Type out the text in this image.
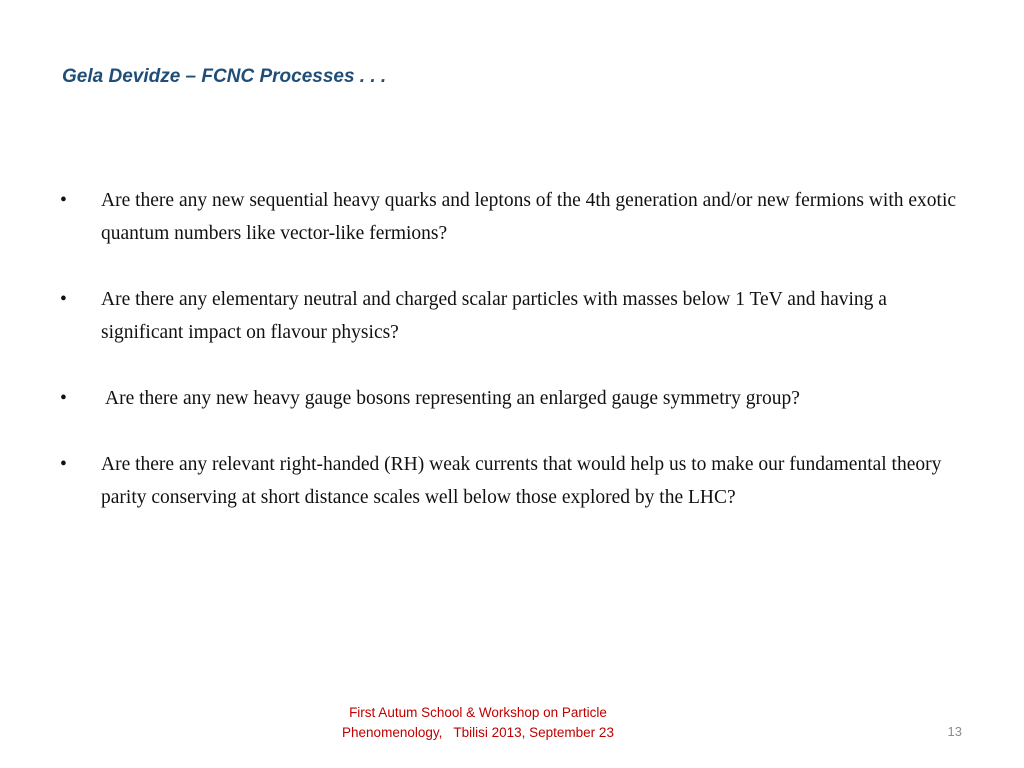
Gela Devidze – FCNC Processes . . .
•	Are there any new sequential heavy quarks and leptons of the 4th generation and/or new fermions with exotic quantum numbers like vector-like fermions?
•	Are there any elementary neutral and charged scalar particles with masses below 1 TeV and having a significant impact on flavour physics?
•	Are there any new heavy gauge bosons representing an enlarged gauge symmetry group?
•	Are there any relevant right-handed (RH) weak currents that would help us to make our fundamental theory parity conserving at short distance scales well below those explored by the LHC?
First Autum School & Workshop on Particle
Phenomenology,   Tbilisi 2013, September 23	13
